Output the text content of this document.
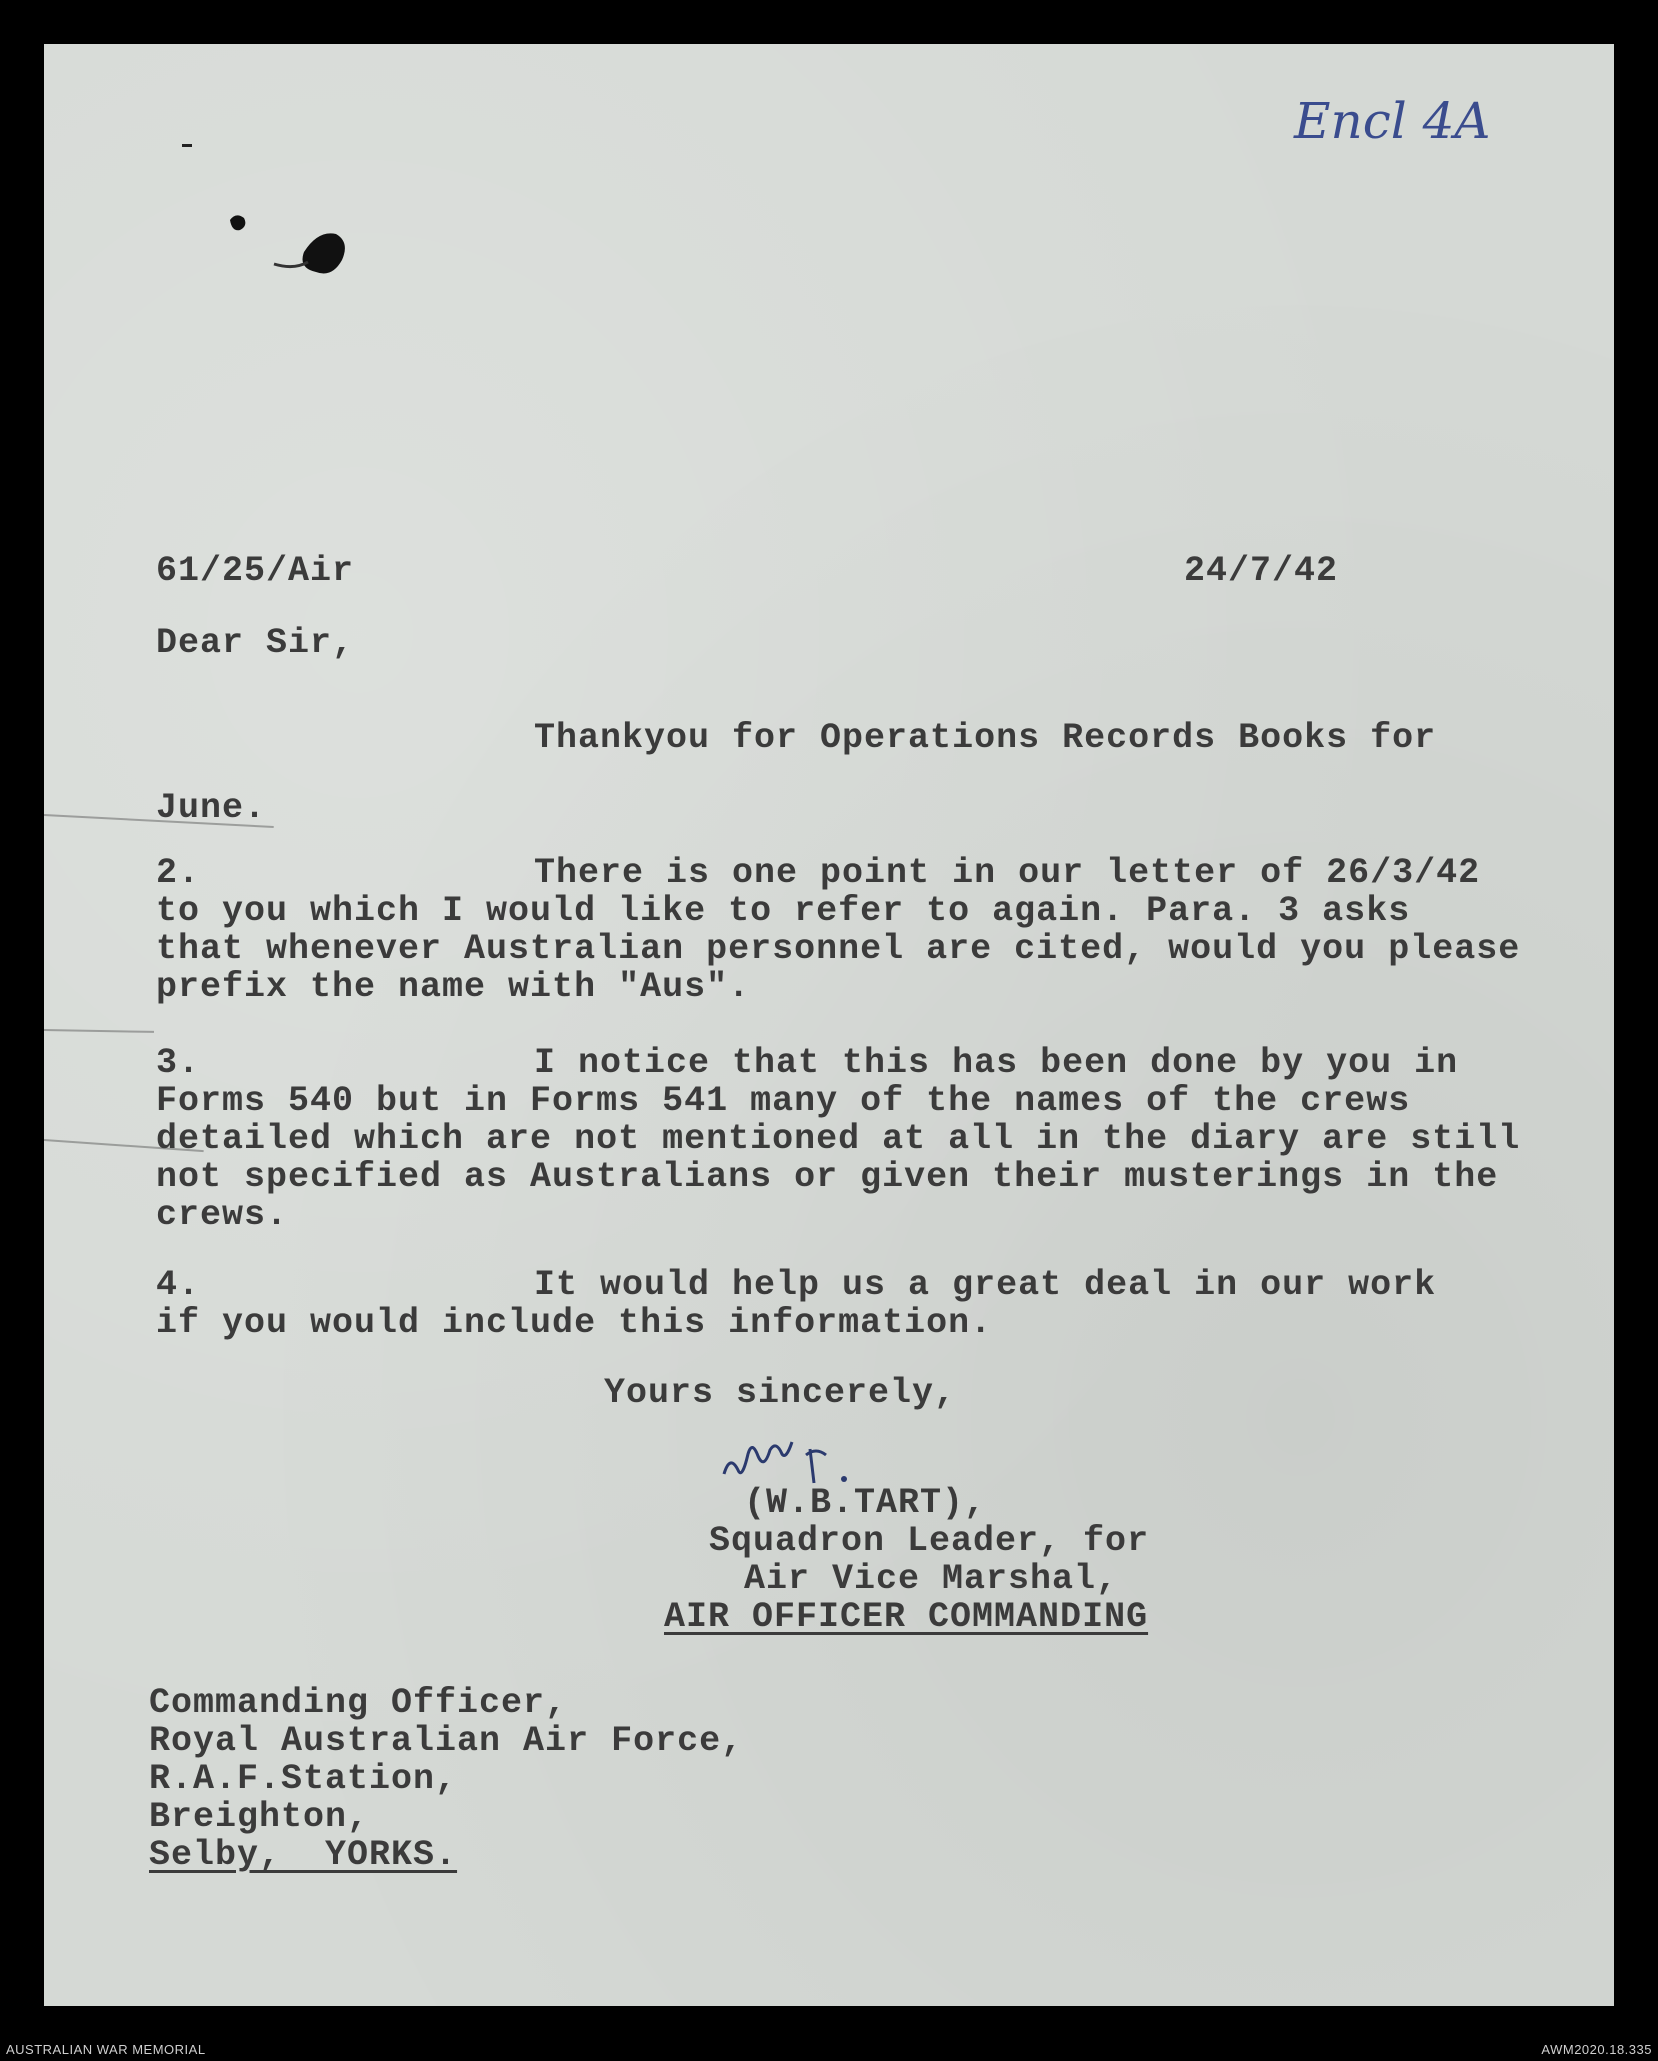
Encl 4A
61/25/Air	24/7/42
Dear Sir,
Thankyou for Operations Records Books for
June.
2.	There is one point in our letter of 26/3/42
to you which I would like to refer to again. Para. 3 asks
that whenever Australian personnel are cited, would you please
prefix the name with "Aus".
3.	I notice that this has been done by you in
Forms 540 but in Forms 541 many of the names of the crews
detailed which are not mentioned at all in the diary are still
not specified as Australians or given their musterings in the
crews.
4.	It would help us a great deal in our work
if you would include this information.
Yours sincerely,
(W.B.TART),
Squadron Leader, for
Air Vice Marshal,
AIR OFFICER COMMANDING
Commanding Officer,
Royal Australian Air Force,
R.A.F.Station,
Breighton,
Selby,  YORKS.
AUSTRALIAN WAR MEMORIAL	AWM2020.18.335
